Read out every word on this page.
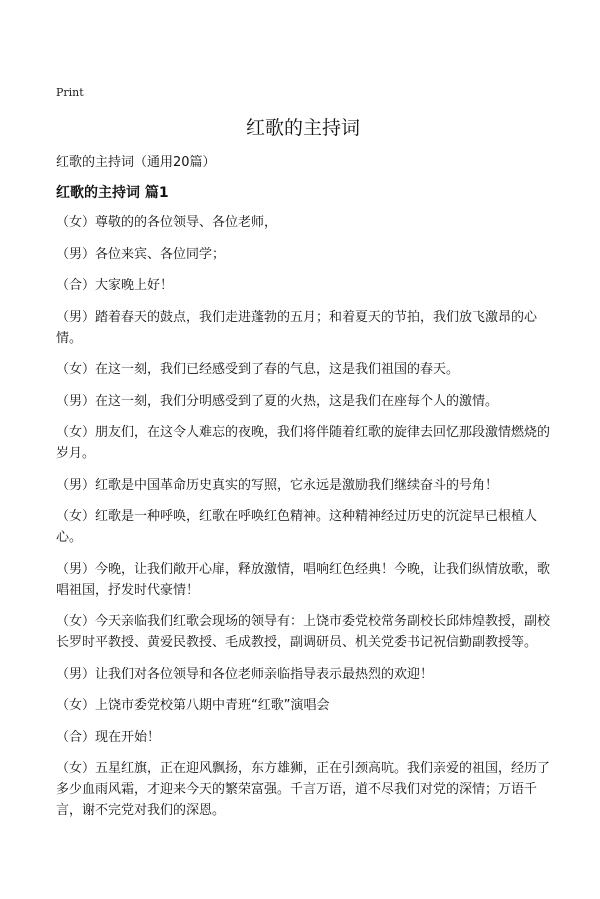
Print
红歌的主持词
红歌的主持词（通用20篇）
红歌的主持词 篇1

（女）尊敬的的各位领导、各位老师，

（男）各位来宾、各位同学；

（合）大家晚上好！

（男）踏着春天的鼓点，我们走进蓬勃的五月；和着夏天的节拍，我们放飞激昂的心情。

（女）在这一刻，我们已经感受到了春的气息，这是我们祖国的春天。

（男）在这一刻，我们分明感受到了夏的火热，这是我们在座每个人的激情。

（女）朋友们，在这令人难忘的夜晚，我们将伴随着红歌的旋律去回忆那段激情燃烧的岁月。

（男）红歌是中国革命历史真实的写照，它永远是激励我们继续奋斗的号角！

（女）红歌是一种呼唤，红歌在呼唤红色精神。这种精神经过历史的沉淀早已根植人心。

（男）今晚，让我们敞开心扉，释放激情，唱响红色经典！今晚，让我们纵情放歌，歌唱祖国，抒发时代豪情！

（女）今天亲临我们红歌会现场的领导有：上饶市委党校常务副校长邱炜煌教授，副校长罗时平教授、黄爱民教授、毛成教授，副调研员、机关党委书记祝信勤副教授等。

（男）让我们对各位领导和各位老师亲临指导表示最热烈的欢迎！

（女）上饶市委党校第八期中青班“红歌”演唱会

（合）现在开始！

（女）五星红旗，正在迎风飘扬，东方雄狮，正在引颈高吭。我们亲爱的祖国，经历了多少血雨风霜，才迎来今天的繁荣富强。千言万语，道不尽我们对党的深情；万语千言，谢不完党对我们的深恩。
